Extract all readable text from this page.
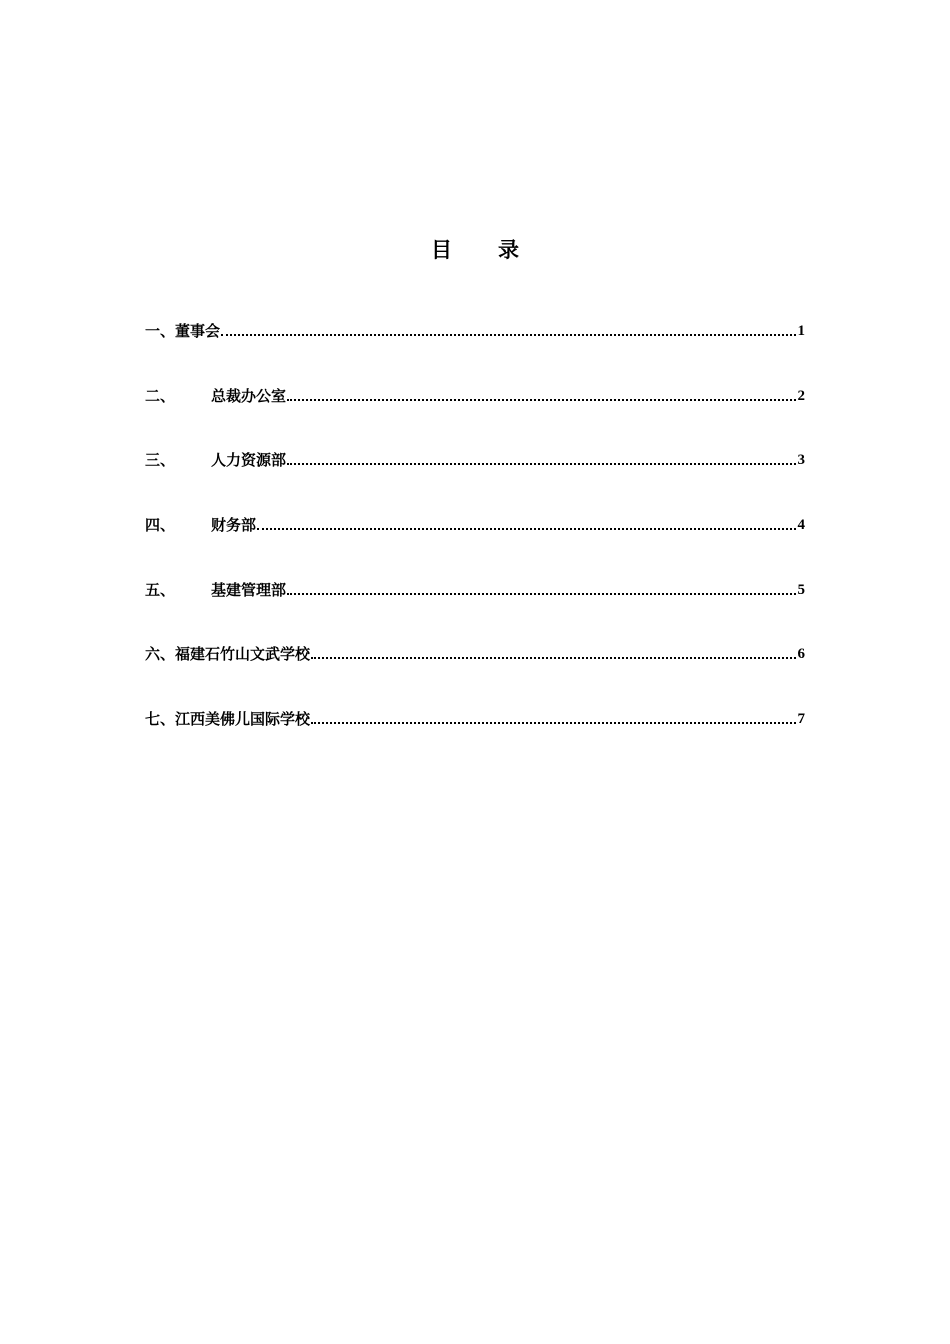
目 录
一、 董事会	1
二、	总裁办公室	2
三、	人力资源部	3
四、	财务部	4
五、	基建管理部	5
六、 福建石竹山文武学校	6
七、 江西美佛儿国际学校	7
